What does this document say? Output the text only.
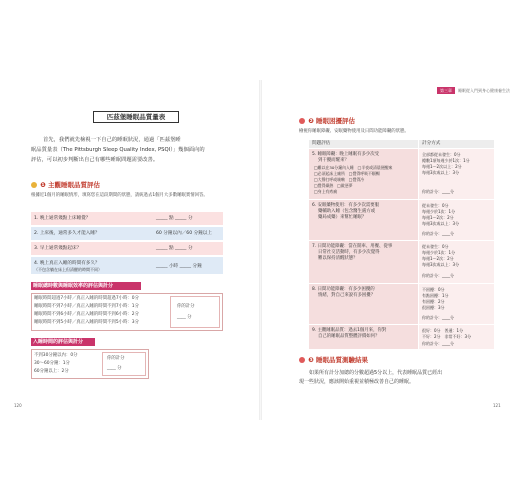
匹茲堡睡眠品質量表
首先，我們就先檢視一下自己的睡眠狀況，通過「匹茲堡睡
眠品質量表（The Pittsburgh Sleep Quality Index, PSQI）」幾個面向的
評估，可以初步判斷出自己有哪些睡眠問題需要改善。
❶ 主觀睡眠品質評估
根據近1個月的睡眠情形，填寫您在這段期間的狀態，請統過去1個月大多數睡眠實情回答。
1. 晚上通常幾點上床睡覺？	_____ 點 _____ 分
2. 上床後，通常多久才能入睡？	60 分鐘以內／60 分鐘以上
3. 早上通常幾點起床？	_____ 點 _____ 分
4. 晚上真正入睡的時間有多久？
（不包含躺在床上但清醒的時間不同）
_____ 小時 _____ 分鐘
睡眠總時數與睡眠效率的評估與計分
睡眠時間超過7小時／真正入睡的時間超過7小時：0分
睡眠時間不到7小時／真正入睡的時間不到7小時：1分
睡眠時間不到6小時／真正入睡的時間不到6小時：2分
睡眠時間不到5小時／真正入睡的時間不到5小時：3分
你的計分
____ 分
入睡時間的評估與計分
不到30分鐘以內：0分
30～60分鐘：1分
60分鐘以上：2分
你的計分
____ 分
120
第三章	睡眠從入門到身心健康養生法
❷ 睡眠困擾評估
檢視你睡眠障礙、安眠藥物使用及日間功能障礙的狀態。
問題評估	計分方式
5. 睡眠障礙：晚上睡眠有多少次受
到干擾而醒來？
□難以在30分鐘內入睡　□半夜或清晨便醒來
□必須起床上廁所　□覺得呼吸不順暢
□大聲打呼或咳嗽　□覺得冷
□覺得燥熱　□做惡夢
□身上有疼痛
全部都從未發生：0分
總數1項每週少於1次：1分
每週1～2次以上：2分
每週3次或以上：3分
你的計分：____分
6. 安眠藥物使用：有多少次需要服
藥輔助入睡（包含醫生處方或
藥局成藥）來幫忙睡眠？
從未發生：0分
每週少於1次：1分
每週1～2次：2分
每週3次或以上：3分
你的計分：____分
7. 日間功能障礙：當在開車、用餐、從事
日常社交活動時，有多少次覺得
難以保持清醒狀態？
從未發生：0分
每週少於1次：1分
每週1～2次：2分
每週3次或以上：3分
你的計分：____分
8. 日間功能障礙：有多少困擾的
情緒，對自己來說有多困擾？
不困擾：0分
有點困擾：1分
有困擾：2分
很困擾：3分
你的計分：____分
9. 主觀睡眠品質：過去1個月來，你對
自己的睡眠品質整體評價如何？
很好：0分　普通：1分
不好：2分　非常不好：3分
你的計分：____分
❸ 睡眠品質測驗結果
如果所有計分加總的分數超過5分以上，代表睡眠品質已經出
現一些狀況，應該開始重視並積極改善自己的睡眠。
121
